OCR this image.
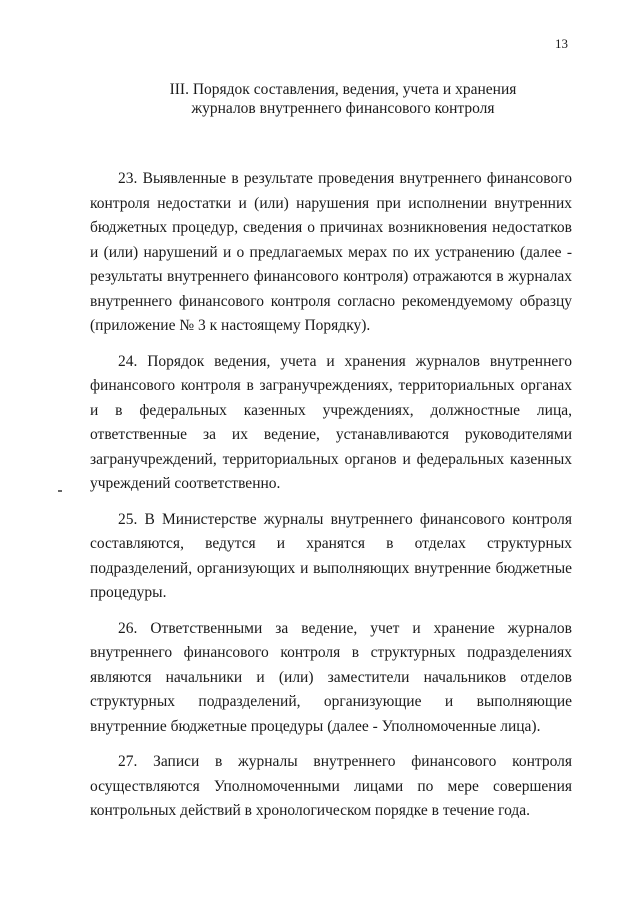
13
III. Порядок составления, ведения, учета и хранения
журналов внутреннего финансового контроля

23. Выявленные в результате проведения внутреннего финансового контроля недостатки и (или) нарушения при исполнении внутренних бюджетных процедур, сведения о причинах возникновения недостатков и (или) нарушений и о предлагаемых мерах по их устранению (далее - результаты внутреннего финансового контроля) отражаются в журналах внутреннего финансового контроля согласно рекомендуемому образцу (приложение № 3 к настоящему Порядку).

24. Порядок ведения, учета и хранения журналов внутреннего финансового контроля в загранучреждениях, территориальных органах и в федеральных казенных учреждениях, должностные лица, ответственные за их ведение, устанавливаются руководителями загранучреждений, территориальных органов и федеральных казенных учреждений соответственно.

25. В Министерстве журналы внутреннего финансового контроля составляются, ведутся и хранятся в отделах структурных подразделений, организующих и выполняющих внутренние бюджетные процедуры.

26. Ответственными за ведение, учет и хранение журналов внутреннего финансового контроля в структурных подразделениях являются начальники и (или) заместители начальников отделов структурных подразделений, организующие и выполняющие внутренние бюджетные процедуры (далее - Уполномоченные лица).

27. Записи в журналы внутреннего финансового контроля осуществляются Уполномоченными лицами по мере совершения контрольных действий в хронологическом порядке в течение года.
